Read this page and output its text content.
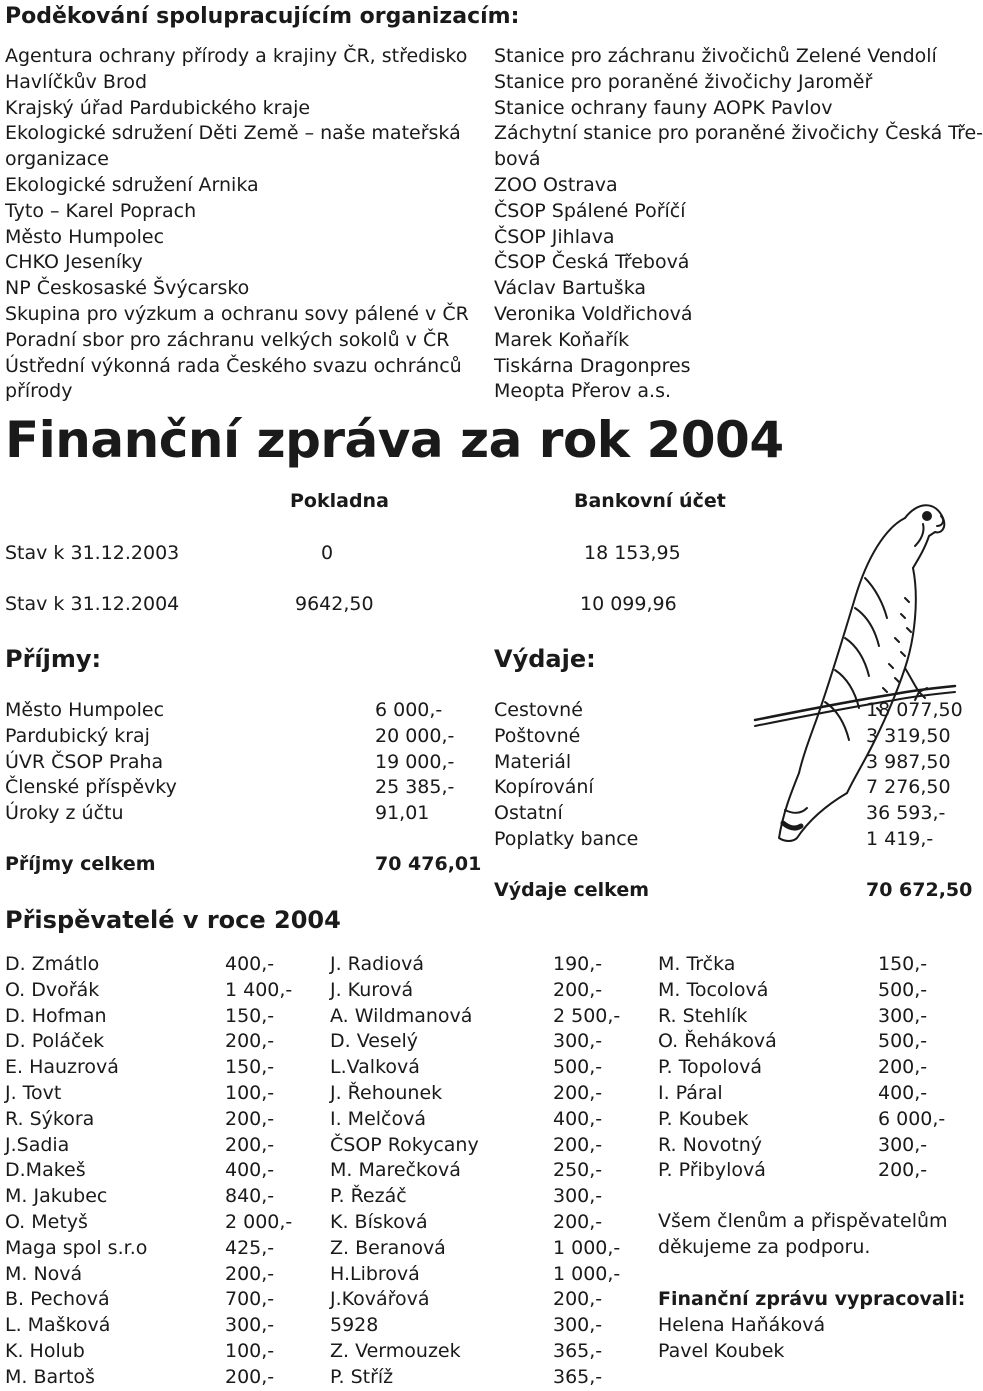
Poděkování spolupracujícím organizacím:
Agentura ochrany přírody a krajiny ČR, středisko
Havlíčkův Brod
Krajský úřad Pardubického kraje
Ekologické sdružení Děti Země – naše mateřská
organizace
Ekologické sdružení Arnika
Tyto – Karel Poprach
Město Humpolec
CHKO Jeseníky
NP Českosaské Švýcarsko
Skupina pro výzkum a ochranu sovy pálené v ČR
Poradní sbor pro záchranu velkých sokolů v ČR
Ústřední výkonná rada Českého svazu ochránců
přírody
Stanice pro záchranu živočichů Zelené Vendolí
Stanice pro poraněné živočichy Jaroměř
Stanice ochrany fauny AOPK Pavlov
Záchytní stanice pro poraněné živočichy Česká Tře-
bová
ZOO Ostrava
ČSOP Spálené Poříčí
ČSOP Jihlava
ČSOP Česká Třebová
Václav Bartuška
Veronika Voldřichová
Marek Koňařík
Tiskárna Dragonpres
Meopta Přerov a.s.
Finanční zpráva za rok 2004
Pokladna	Bankovní účet
Stav k 31.12.2003	0	18 153,95
Stav k 31.12.2004	9642,50	10 099,96
Příjmy:
Město Humpolec	6 000,-
Pardubický kraj	20 000,-
ÚVR ČSOP Praha	19 000,-
Členské příspěvky	25 385,-
Úroky z účtu	91,01
Příjmy celkem	70 476,01
Výdaje:
Cestovné	18 077,50
Poštovné	3 319,50
Materiál	3 987,50
Kopírování	7 276,50
Ostatní	36 593,-
Poplatky bance	1 419,-
Výdaje celkem	70 672,50
Přispěvatelé v roce 2004
D. Zmátlo	400,-
O. Dvořák	1 400,-
D. Hofman	150,-
D. Poláček	200,-
E. Hauzrová	150,-
J. Tovt	100,-
R. Sýkora	200,-
J.Sadia	200,-
D.Makeš	400,-
M. Jakubec	840,-
O. Metyš	2 000,-
Maga spol s.r.o	425,-
M. Nová	200,-
B. Pechová	700,-
L. Mašková	300,-
K. Holub	100,-
M. Bartoš	200,-
J. Radiová	190,-
J. Kurová	200,-
A. Wildmanová	2 500,-
D. Veselý	300,-
L.Valková	500,-
J. Řehounek	200,-
I. Melčová	400,-
ČSOP Rokycany	200,-
M. Marečková	250,-
P. Řezáč	300,-
K. Bísková	200,-
Z. Beranová	1 000,-
H.Librová	1 000,-
J.Kovářová	200,-
5928	300,-
Z. Vermouzek	365,-
P. Stříž	365,-
M. Trčka	150,-
M. Tocolová	500,-
R. Stehlík	300,-
O. Řeháková	500,-
P. Topolová	200,-
I. Páral	400,-
P. Koubek	6 000,-
R. Novotný	300,-
P. Přibylová	200,-
Všem členům a přispěvatelům
děkujeme za podporu.
Finanční zprávu vypracovali:
Helena Haňáková
Pavel Koubek
